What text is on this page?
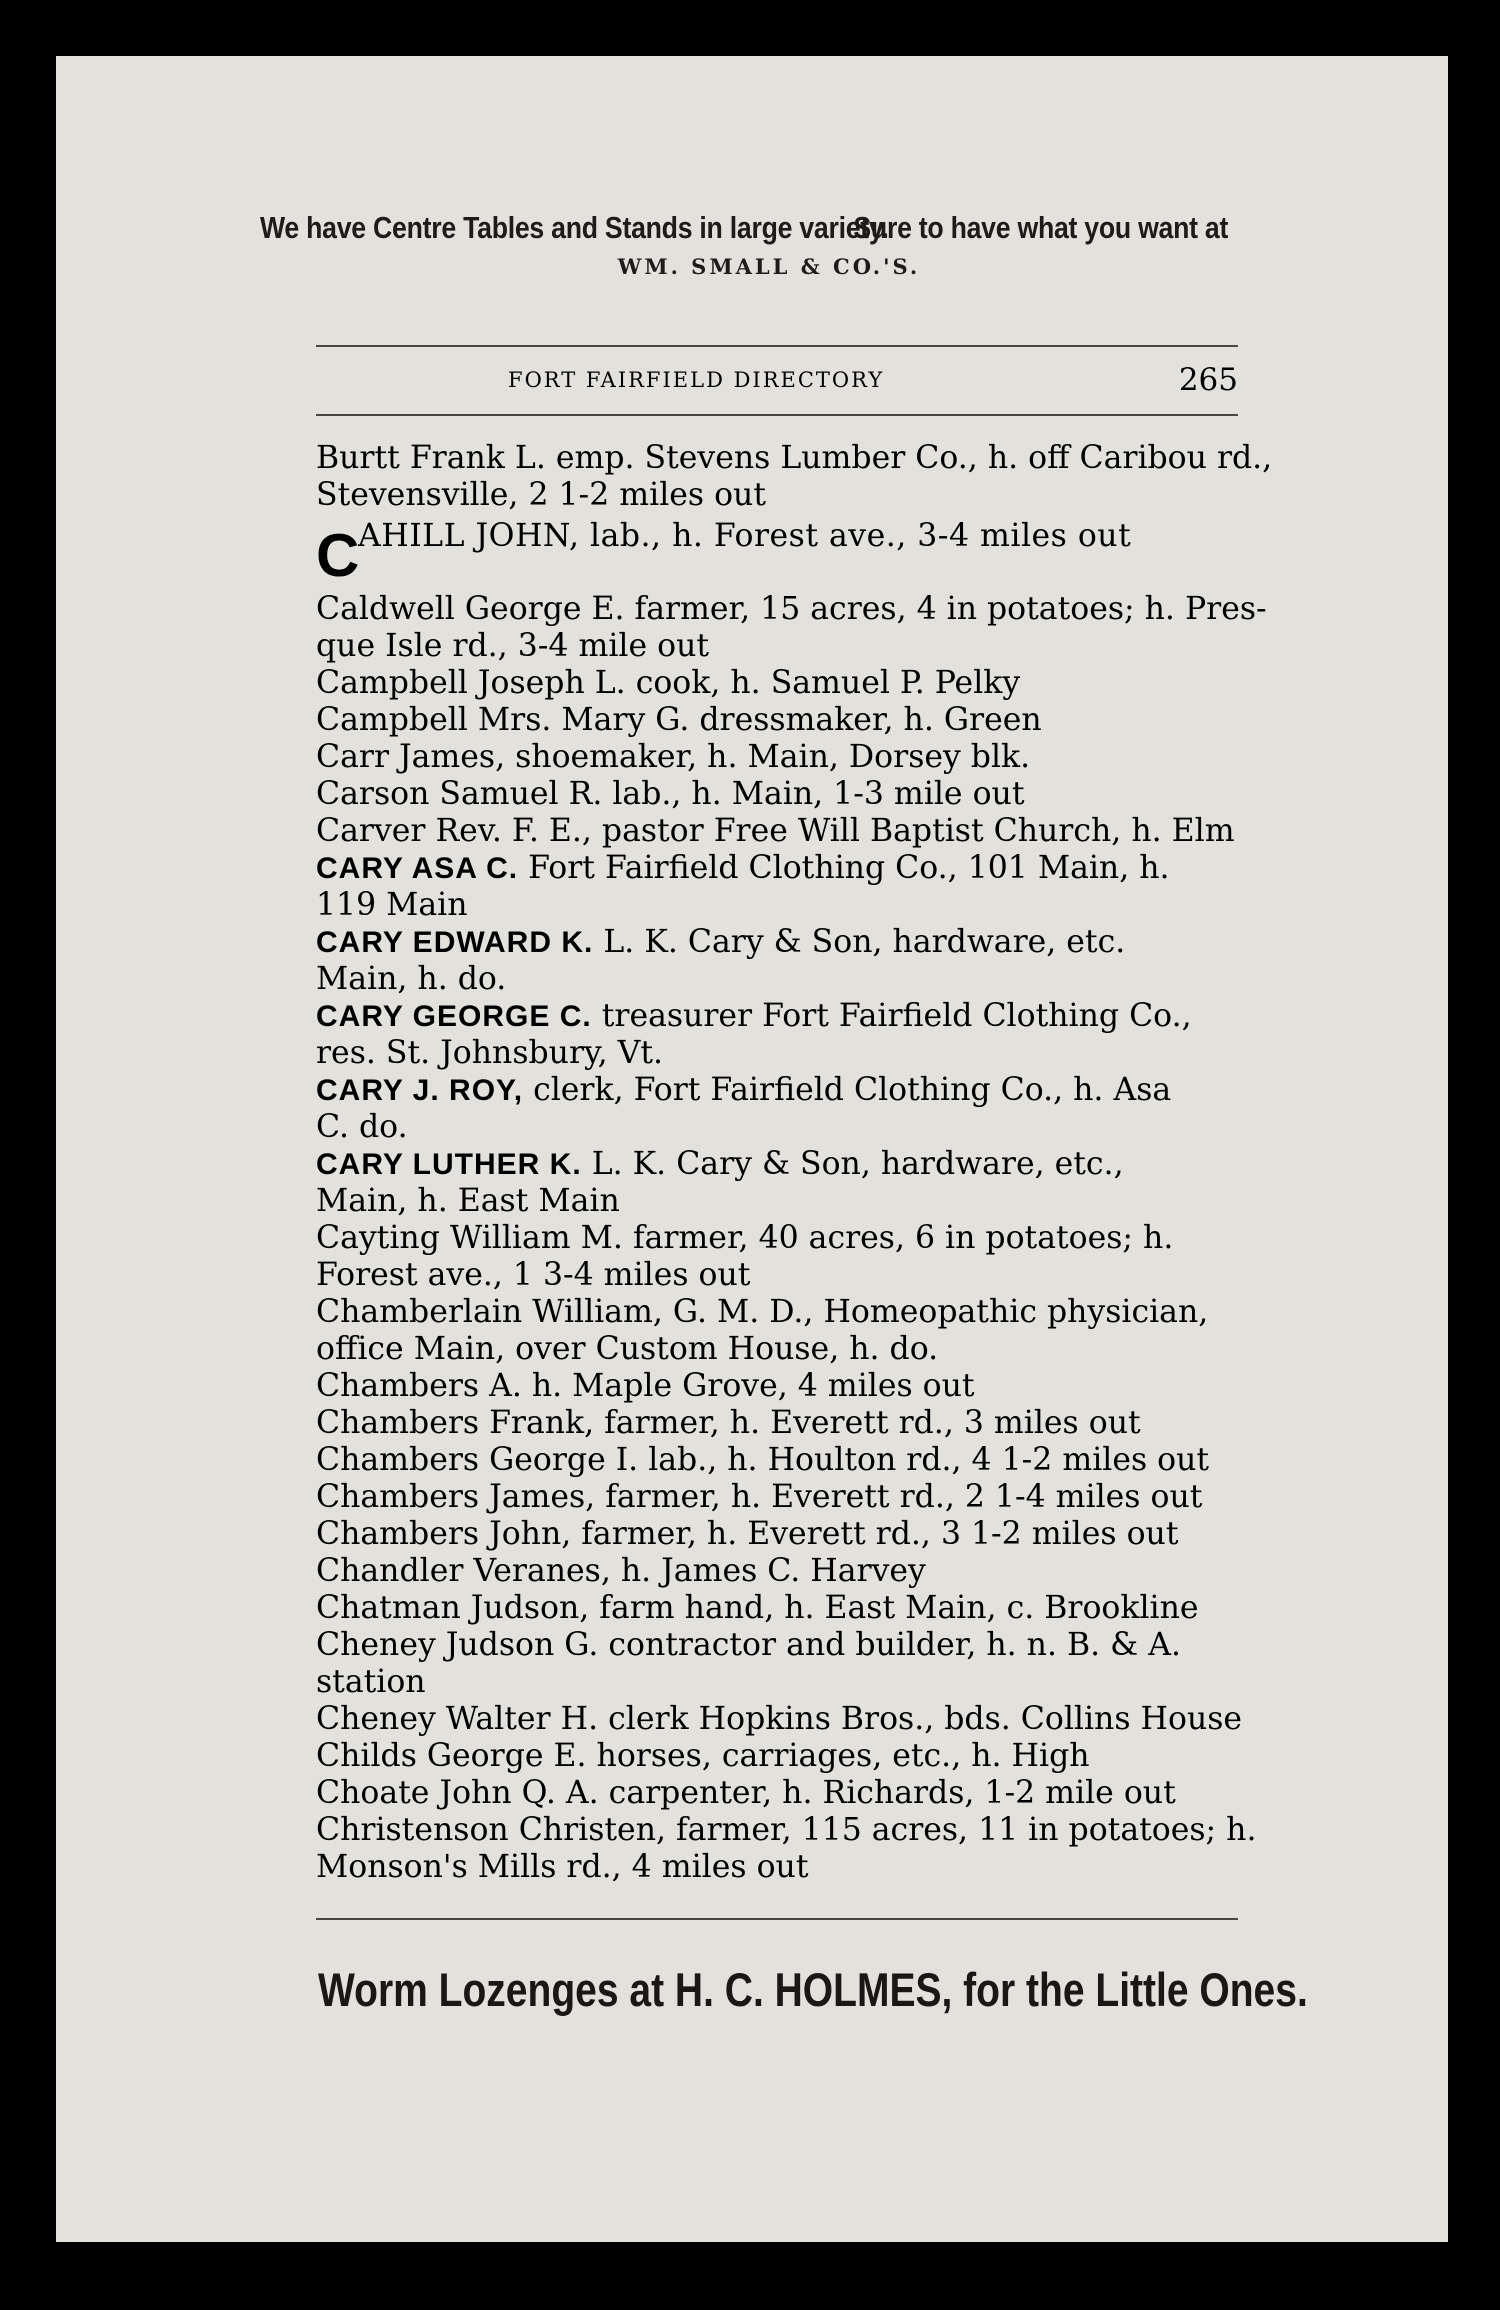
We have Centre Tables and Stands in large variety.
Sure to have what you want at
WM. SMALL & CO.'S.
FORT FAIRFIELD DIRECTORY	265
Burtt Frank L. emp. Stevens Lumber Co., h. off Caribou rd.,
Stevensville, 2 1-2 miles out
C
AHILL JOHN, lab., h. Forest ave., 3-4 miles out
Caldwell George E. farmer, 15 acres, 4 in potatoes; h. Pres-
que Isle rd., 3-4 mile out
Campbell Joseph L. cook, h. Samuel P. Pelky
Campbell Mrs. Mary G. dressmaker, h. Green
Carr James, shoemaker, h. Main, Dorsey blk.
Carson Samuel R. lab., h. Main, 1-3 mile out
Carver Rev. F. E., pastor Free Will Baptist Church, h. Elm
CARY ASA C. Fort Fairfield Clothing Co., 101 Main, h.
119 Main
CARY EDWARD K. L. K. Cary & Son, hardware, etc.
Main, h. do.
CARY GEORGE C. treasurer Fort Fairfield Clothing Co.,
res. St. Johnsbury, Vt.
CARY J. ROY, clerk, Fort Fairfield Clothing Co., h. Asa
C. do.
CARY LUTHER K. L. K. Cary & Son, hardware, etc.,
Main, h. East Main
Cayting William M. farmer, 40 acres, 6 in potatoes; h.
Forest ave., 1 3-4 miles out
Chamberlain William, G. M. D., Homeopathic physician,
office Main, over Custom House, h. do.
Chambers A. h. Maple Grove, 4 miles out
Chambers Frank, farmer, h. Everett rd., 3 miles out
Chambers George I. lab., h. Houlton rd., 4 1-2 miles out
Chambers James, farmer, h. Everett rd., 2 1-4 miles out
Chambers John, farmer, h. Everett rd., 3 1-2 miles out
Chandler Veranes, h. James C. Harvey
Chatman Judson, farm hand, h. East Main, c. Brookline
Cheney Judson G. contractor and builder, h. n. B. & A.
station
Cheney Walter H. clerk Hopkins Bros., bds. Collins House
Childs George E. horses, carriages, etc., h. High
Choate John Q. A. carpenter, h. Richards, 1-2 mile out
Christenson Christen, farmer, 115 acres, 11 in potatoes; h.
Monson's Mills rd., 4 miles out
Worm Lozenges at H. C. HOLMES, for the Little Ones.
